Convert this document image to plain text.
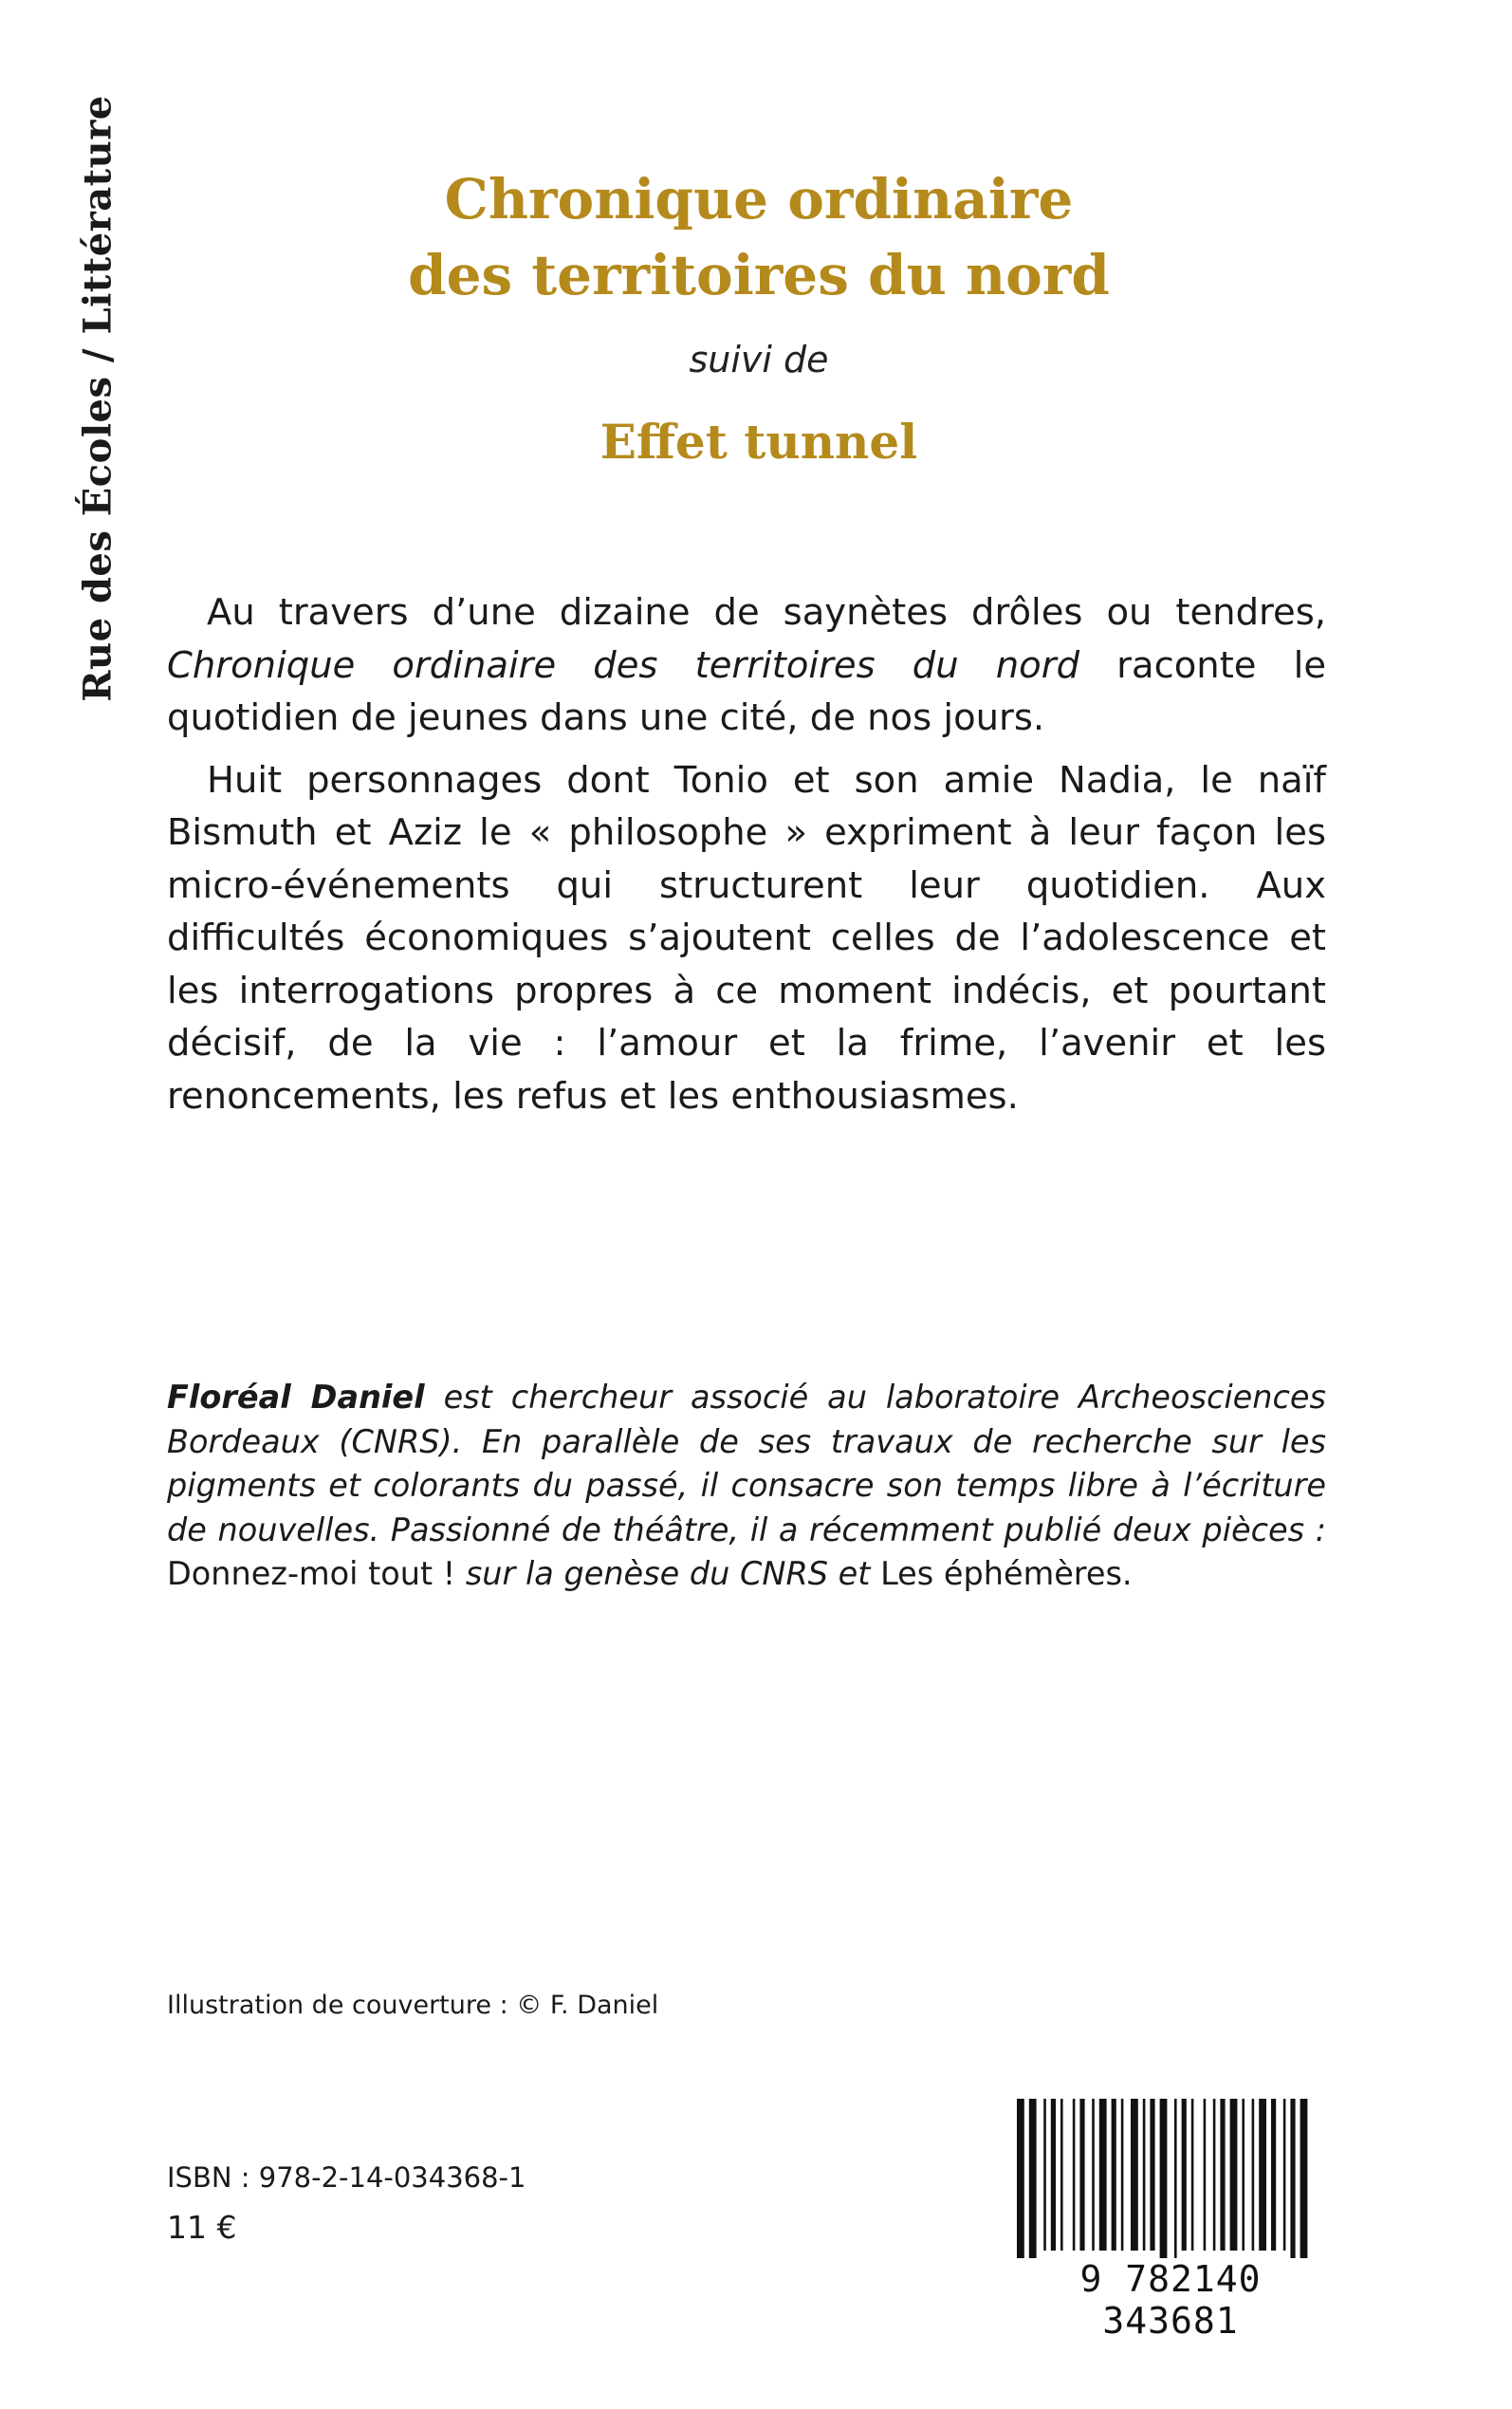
Rue des Écoles / Littérature	Chronique ordinaire
des territoires du nord
suivi de
Effet tunnel

Au travers d’une dizaine de saynètes drôles ou tendres, Chronique ordinaire des territoires du nord raconte le quotidien de jeunes dans une cité, de nos jours.

Huit personnages dont Tonio et son amie Nadia, le naïf Bismuth et Aziz le « philosophe » expriment à leur façon les micro-événements qui structurent leur quotidien. Aux difficultés économiques s’ajoutent celles de l’adolescence et les interrogations propres à ce moment indécis, et pourtant décisif, de la vie : l’amour et la frime, l’avenir et les renoncements, les refus et les enthousiasmes.

Floréal Daniel est chercheur associé au laboratoire Archeosciences Bordeaux (CNRS). En parallèle de ses travaux de recherche sur les pigments et colorants du passé, il consacre son temps libre à l’écriture de nouvelles. Passionné de théâtre, il a récemment publié deux pièces : Donnez-moi tout ! sur la genèse du CNRS et Les éphémères.

Illustration de couverture : © F. Daniel
ISBN : 978-2-14-034368-1
11 €
9 782140 343681
